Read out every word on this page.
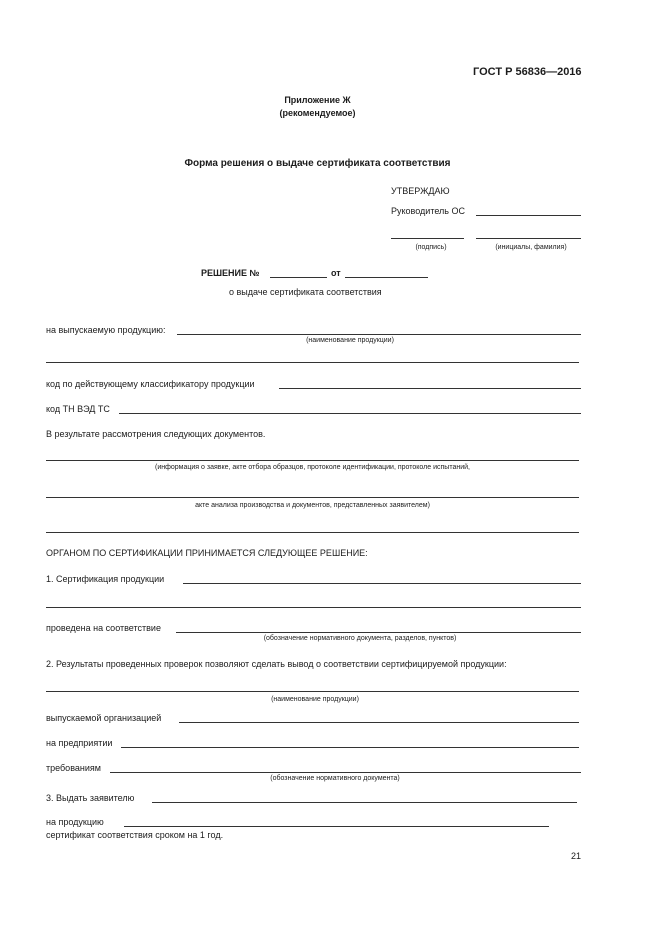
ГОСТ Р 56836—2016
Приложение Ж
(рекомендуемое)
Форма решения о выдаче сертификата соответствия
УТВЕРЖДАЮ
Руководитель ОС
(подпись)	(инициалы, фамилия)
РЕШЕНИЕ №	от
о выдаче сертификата соответствия
на выпускаемую продукцию:
(наименование продукции)
код по действующему классификатору продукции
код ТН ВЭД ТС
В результате рассмотрения следующих документов.
(информация о заявке, акте отбора образцов, протоколе идентификации, протоколе испытаний,
акте анализа производства и документов, представленных заявителем)
ОРГАНОМ ПО СЕРТИФИКАЦИИ ПРИНИМАЕТСЯ СЛЕДУЮЩЕЕ РЕШЕНИЕ:
1. Сертификация продукции
проведена на соответствие
(обозначение нормативного документа, разделов, пунктов)
2. Результаты проведенных проверок позволяют сделать вывод о соответствии сертифицируемой продукции:
(наименование продукции)
выпускаемой организацией
на предприятии
требованиям
(обозначение нормативного документа)
3. Выдать заявителю
на продукцию
сертификат соответствия сроком на 1 год.
21
